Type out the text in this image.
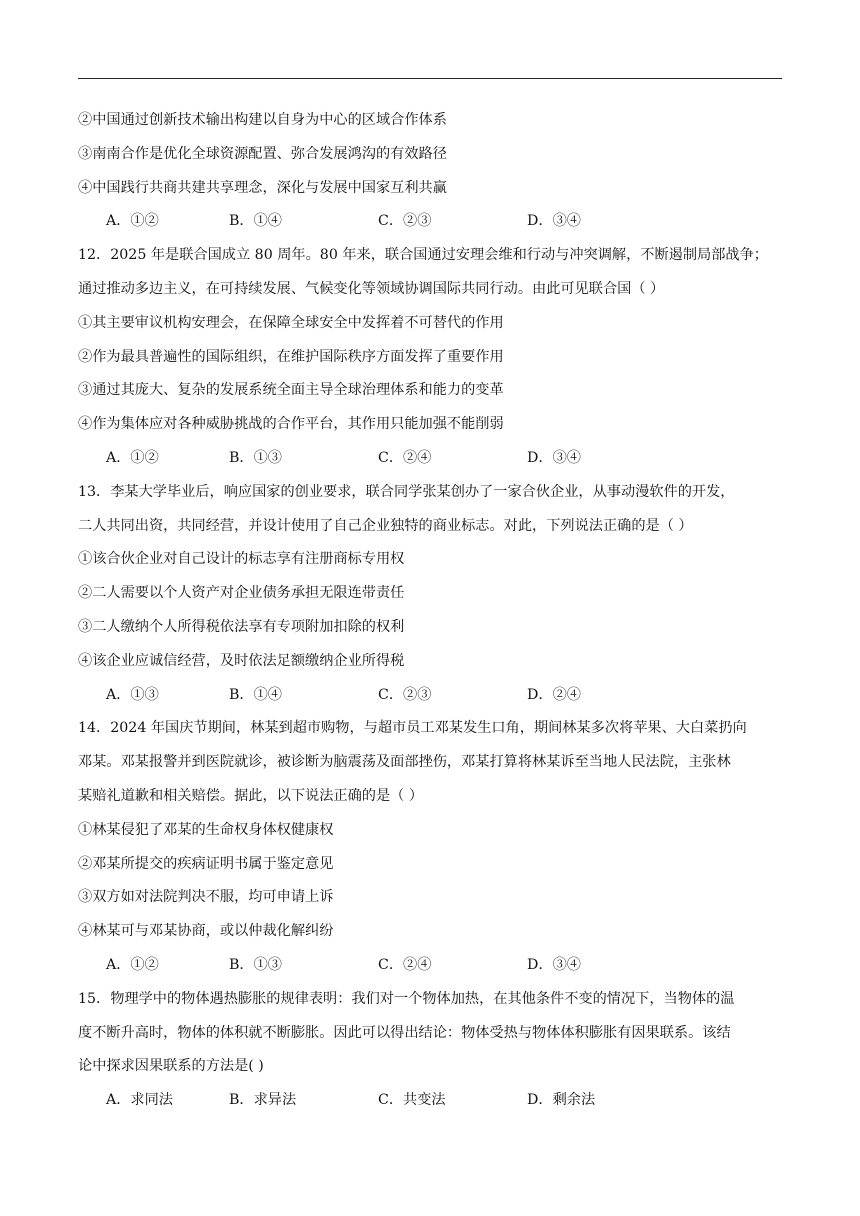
②中国通过创新技术输出构建以自身为中心的区域合作体系
③南南合作是优化全球资源配置、弥合发展鸿沟的有效路径
④中国践行共商共建共享理念，深化与发展中国家互利共赢
A．①②	B．①④	C．②③	D．③④
12．2025 年是联合国成立 80 周年。80 年来，联合国通过安理会维和行动与冲突调解，不断遏制局部战争；
通过推动多边主义，在可持续发展、气候变化等领域协调国际共同行动。由此可见联合国（ ）
①其主要审议机构安理会，在保障全球安全中发挥着不可替代的作用
②作为最具普遍性的国际组织，在维护国际秩序方面发挥了重要作用
③通过其庞大、复杂的发展系统全面主导全球治理体系和能力的变革
④作为集体应对各种威胁挑战的合作平台，其作用只能加强不能削弱
A．①②	B．①③	C．②④	D．③④
13．李某大学毕业后，响应国家的创业要求，联合同学张某创办了一家合伙企业，从事动漫软件的开发，
二人共同出资，共同经营，并设计使用了自己企业独特的商业标志。对此，下列说法正确的是（ ）
①该合伙企业对自己设计的标志享有注册商标专用权
②二人需要以个人资产对企业债务承担无限连带责任
③二人缴纳个人所得税依法享有专项附加扣除的权利
④该企业应诚信经营，及时依法足额缴纳企业所得税
A．①③	B．①④	C．②③	D．②④
14．2024 年国庆节期间，林某到超市购物，与超市员工邓某发生口角，期间林某多次将苹果、大白菜扔向
邓某。邓某报警并到医院就诊，被诊断为脑震荡及面部挫伤，邓某打算将林某诉至当地人民法院，主张林
某赔礼道歉和相关赔偿。据此，以下说法正确的是（ ）
①林某侵犯了邓某的生命权身体权健康权
②邓某所提交的疾病证明书属于鉴定意见
③双方如对法院判决不服，均可申请上诉
④林某可与邓某协商，或以仲裁化解纠纷
A．①②	B．①③	C．②④	D．③④
15．物理学中的物体遇热膨胀的规律表明：我们对一个物体加热，在其他条件不变的情况下，当物体的温
度不断升高时，物体的体积就不断膨胀。因此可以得出结论：物体受热与物体体积膨胀有因果联系。该结
论中探求因果联系的方法是( )
A．求同法	B．求异法	C．共变法	D．剩余法
